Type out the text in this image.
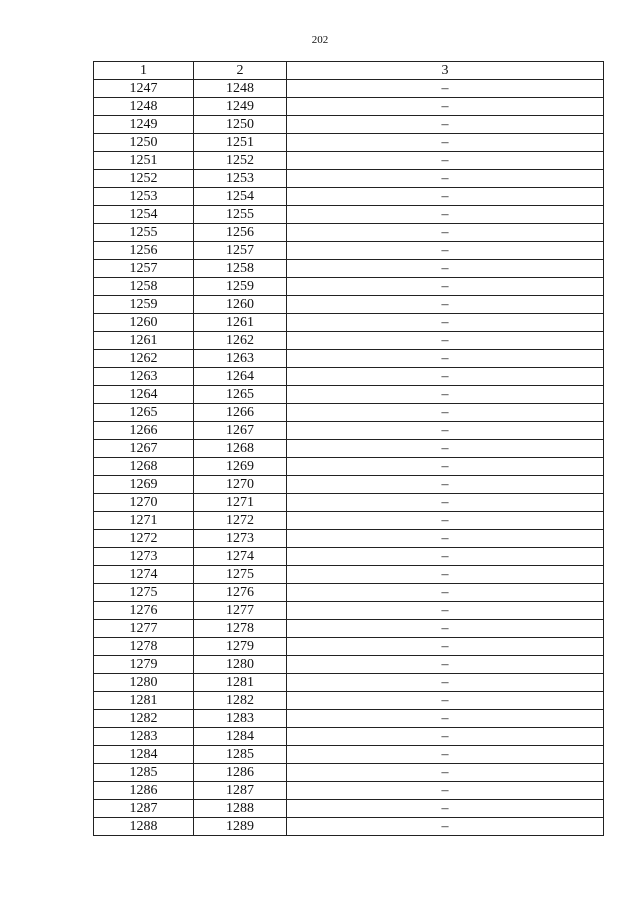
202
1	2	3
1247	1248	–
1248	1249	–
1249	1250	–
1250	1251	–
1251	1252	–
1252	1253	–
1253	1254	–
1254	1255	–
1255	1256	–
1256	1257	–
1257	1258	–
1258	1259	–
1259	1260	–
1260	1261	–
1261	1262	–
1262	1263	–
1263	1264	–
1264	1265	–
1265	1266	–
1266	1267	–
1267	1268	–
1268	1269	–
1269	1270	–
1270	1271	–
1271	1272	–
1272	1273	–
1273	1274	–
1274	1275	–
1275	1276	–
1276	1277	–
1277	1278	–
1278	1279	–
1279	1280	–
1280	1281	–
1281	1282	–
1282	1283	–
1283	1284	–
1284	1285	–
1285	1286	–
1286	1287	–
1287	1288	–
1288	1289	–
